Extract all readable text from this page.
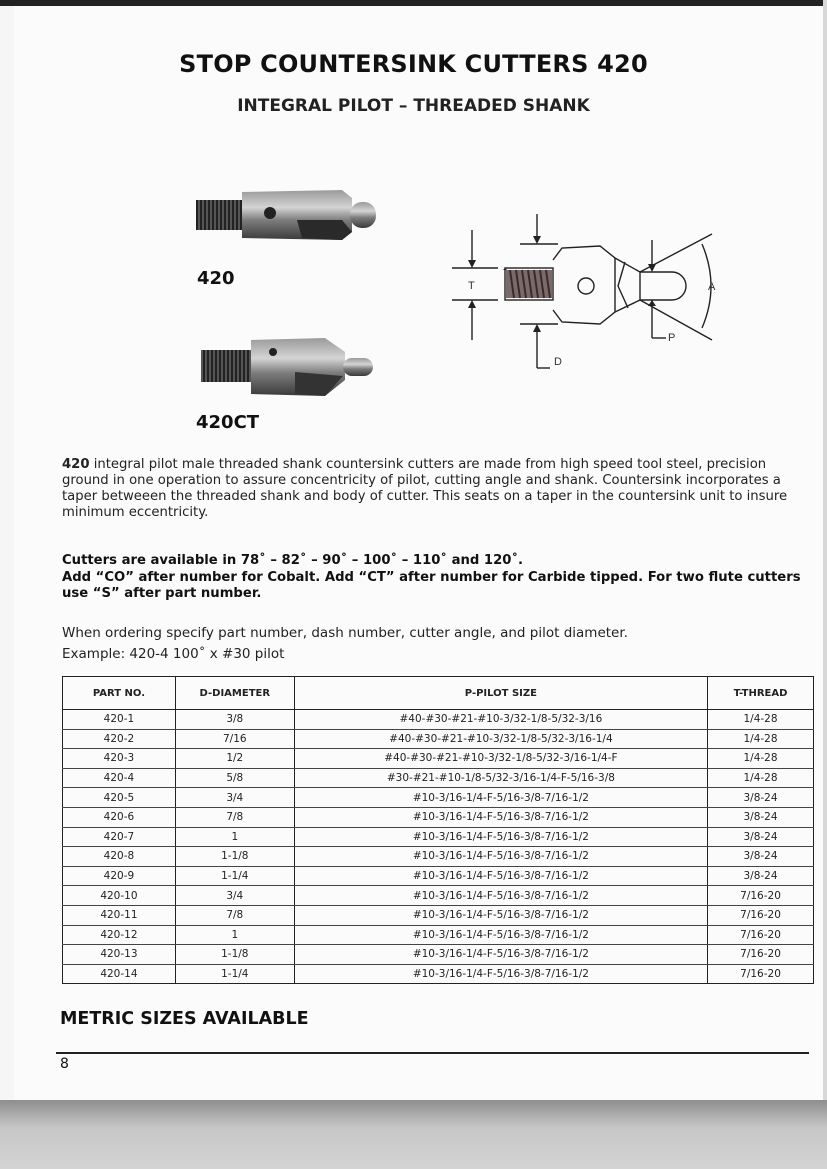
STOP COUNTERSINK CUTTERS 420
INTEGRAL PILOT – THREADED SHANK
420
420CT
T
D
P
A
420 integral pilot male threaded shank countersink cutters are made from high speed tool steel, precision ground in one operation to assure concentricity of pilot, cutting angle and shank. Countersink incorporates a taper betweeen the threaded shank and body of cutter. This seats on a taper in the countersink unit to insure minimum eccentricity.
Cutters are available in 78˚ – 82˚ – 90˚ – 100˚ – 110˚ and 120˚.
Add “CO” after number for Cobalt. Add “CT” after number for Carbide tipped. For two flute cutters use “S” after part number.
When ordering specify part number, dash number, cutter angle, and pilot diameter.
Example: 420-4 100˚ x #30 pilot
PART NO.	D-DIAMETER	P-PILOT SIZE	T-THREAD
420-1	3/8	#40-#30-#21-#10-3/32-1/8-5/32-3/16	1/4-28
420-2	7/16	#40-#30-#21-#10-3/32-1/8-5/32-3/16-1/4	1/4-28
420-3	1/2	#40-#30-#21-#10-3/32-1/8-5/32-3/16-1/4-F	1/4-28
420-4	5/8	#30-#21-#10-1/8-5/32-3/16-1/4-F-5/16-3/8	1/4-28
420-5	3/4	#10-3/16-1/4-F-5/16-3/8-7/16-1/2	3/8-24
420-6	7/8	#10-3/16-1/4-F-5/16-3/8-7/16-1/2	3/8-24
420-7	1	#10-3/16-1/4-F-5/16-3/8-7/16-1/2	3/8-24
420-8	1-1/8	#10-3/16-1/4-F-5/16-3/8-7/16-1/2	3/8-24
420-9	1-1/4	#10-3/16-1/4-F-5/16-3/8-7/16-1/2	3/8-24
420-10	3/4	#10-3/16-1/4-F-5/16-3/8-7/16-1/2	7/16-20
420-11	7/8	#10-3/16-1/4-F-5/16-3/8-7/16-1/2	7/16-20
420-12	1	#10-3/16-1/4-F-5/16-3/8-7/16-1/2	7/16-20
420-13	1-1/8	#10-3/16-1/4-F-5/16-3/8-7/16-1/2	7/16-20
420-14	1-1/4	#10-3/16-1/4-F-5/16-3/8-7/16-1/2	7/16-20
METRIC SIZES AVAILABLE
8
